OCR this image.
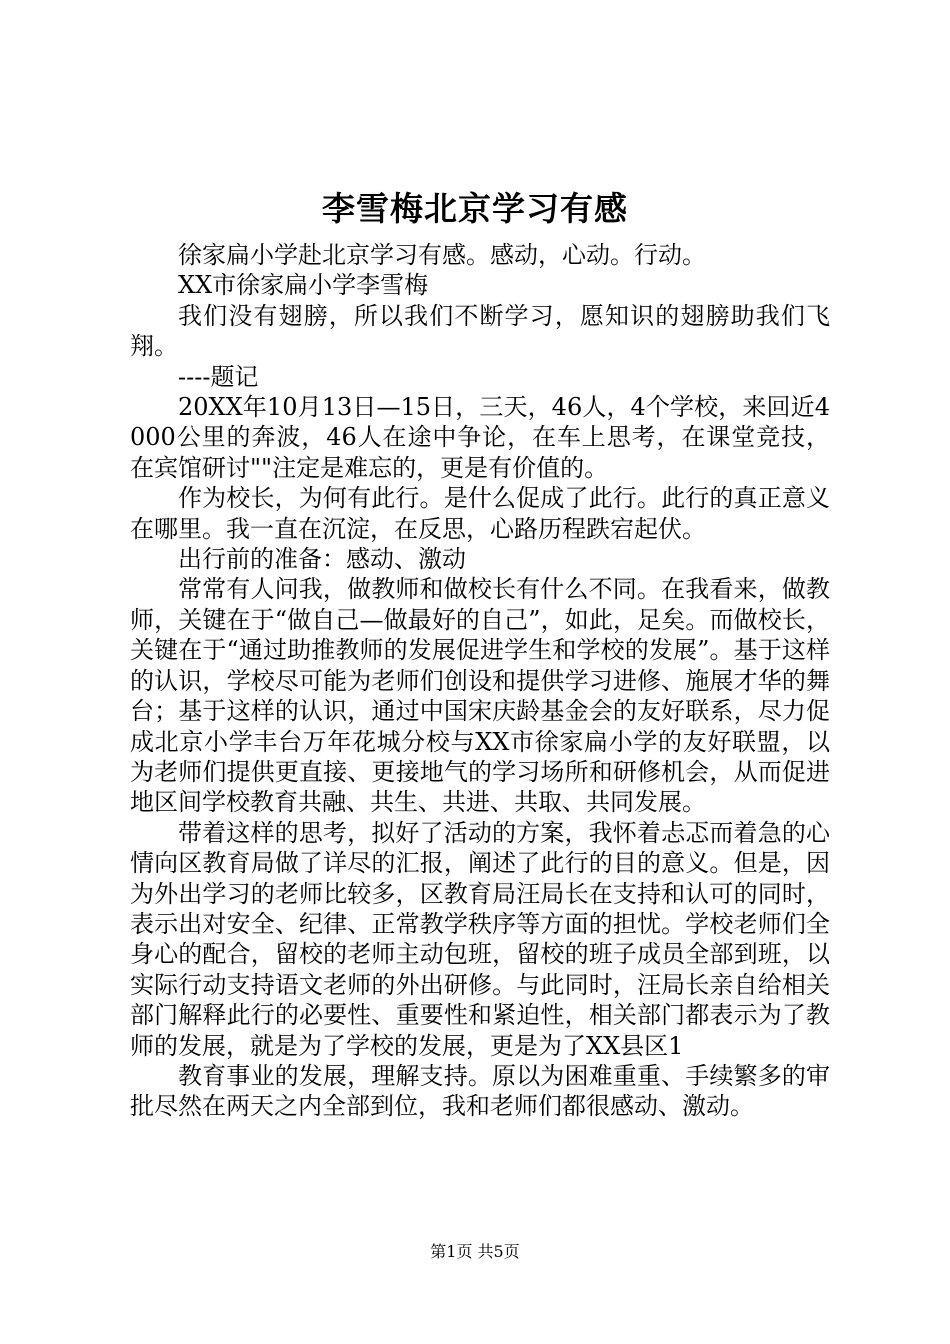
李雪梅北京学习有感

徐家扁小学赴北京学习有感。感动，心动。行动。

XX市徐家扁小学李雪梅

我们没有翅膀，所以我们不断学习，愿知识的翅膀助我们飞翔。

----题记

20XX年10月13日—15日，三天，46人，4个学校，来回近4000公里的奔波，46人在途中争论，在车上思考，在课堂竞技，在宾馆研讨""注定是难忘的，更是有价值的。

作为校长，为何有此行。是什么促成了此行。此行的真正意义在哪里。我一直在沉淀，在反思，心路历程跌宕起伏。

出行前的准备：感动、激动

常常有人问我，做教师和做校长有什么不同。在我看来，做教师，关键在于“做自己—做最好的自己”，如此，足矣。而做校长，关键在于“通过助推教师的发展促进学生和学校的发展”。基于这样的认识，学校尽可能为老师们创设和提供学习进修、施展才华的舞台；基于这样的认识，通过中国宋庆龄基金会的友好联系，尽力促成北京小学丰台万年花城分校与XX市徐家扁小学的友好联盟，以为老师们提供更直接、更接地气的学习场所和研修机会，从而促进地区间学校教育共融、共生、共进、共取、共同发展。

带着这样的思考，拟好了活动的方案，我怀着忐忑而着急的心情向区教育局做了详尽的汇报，阐述了此行的目的意义。但是，因为外出学习的老师比较多，区教育局汪局长在支持和认可的同时，表示出对安全、纪律、正常教学秩序等方面的担忧。学校老师们全身心的配合，留校的老师主动包班，留校的班子成员全部到班，以实际行动支持语文老师的外出研修。与此同时，汪局长亲自给相关部门解释此行的必要性、重要性和紧迫性，相关部门都表示为了教师的发展，就是为了学校的发展，更是为了XX县区1

教育事业的发展，理解支持。原以为困难重重、手续繁多的审批尽然在两天之内全部到位，我和老师们都很感动、激动。

第1页 共5页
